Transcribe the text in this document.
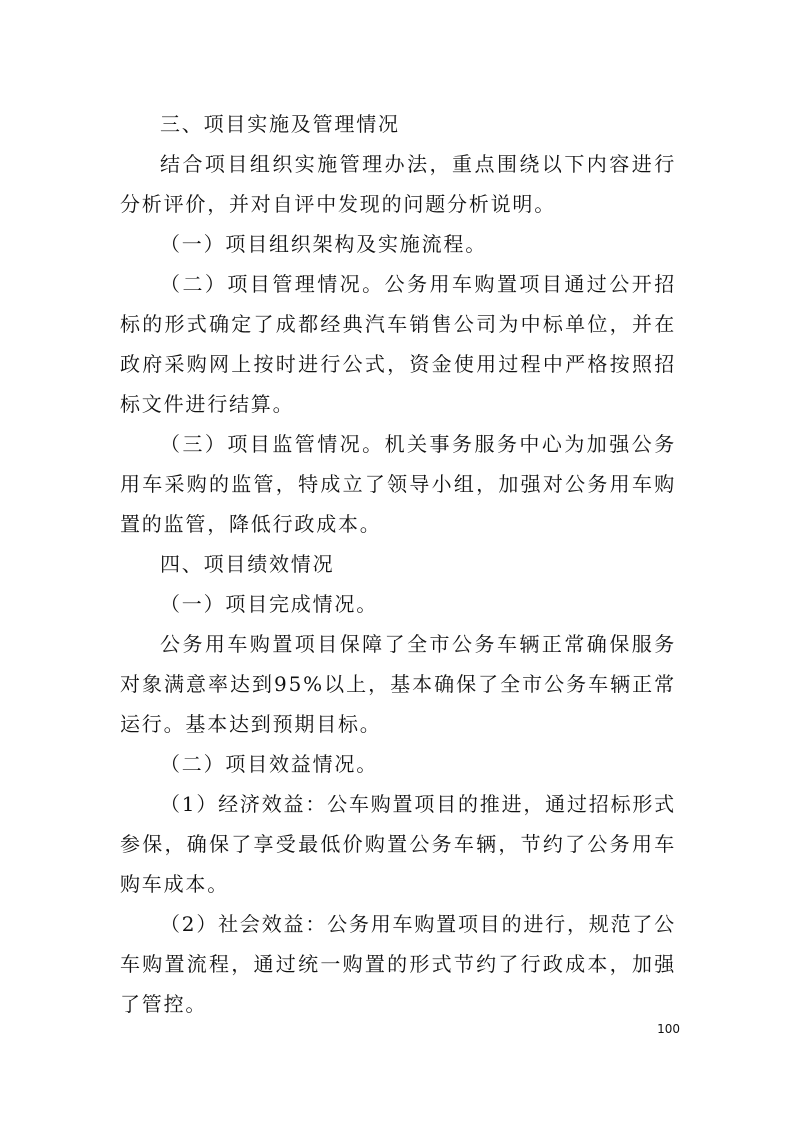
三、项目实施及管理情况

结合项目组织实施管理办法，重点围绕以下内容进行分析评价，并对自评中发现的问题分析说明。

（一）项目组织架构及实施流程。

（二）项目管理情况。公务用车购置项目通过公开招标的形式确定了成都经典汽车销售公司为中标单位，并在政府采购网上按时进行公式，资金使用过程中严格按照招标文件进行结算。

（三）项目监管情况。机关事务服务中心为加强公务用车采购的监管，特成立了领导小组，加强对公务用车购置的监管，降低行政成本。

四、项目绩效情况

（一）项目完成情况。

公务用车购置项目保障了全市公务车辆正常确保服务对象满意率达到95%以上，基本确保了全市公务车辆正常运行。基本达到预期目标。

（二）项目效益情况。

（1）经济效益：公车购置项目的推进，通过招标形式参保，确保了享受最低价购置公务车辆，节约了公务用车购车成本。

（2）社会效益：公务用车购置项目的进行，规范了公车购置流程，通过统一购置的形式节约了行政成本，加强了管控。

100
